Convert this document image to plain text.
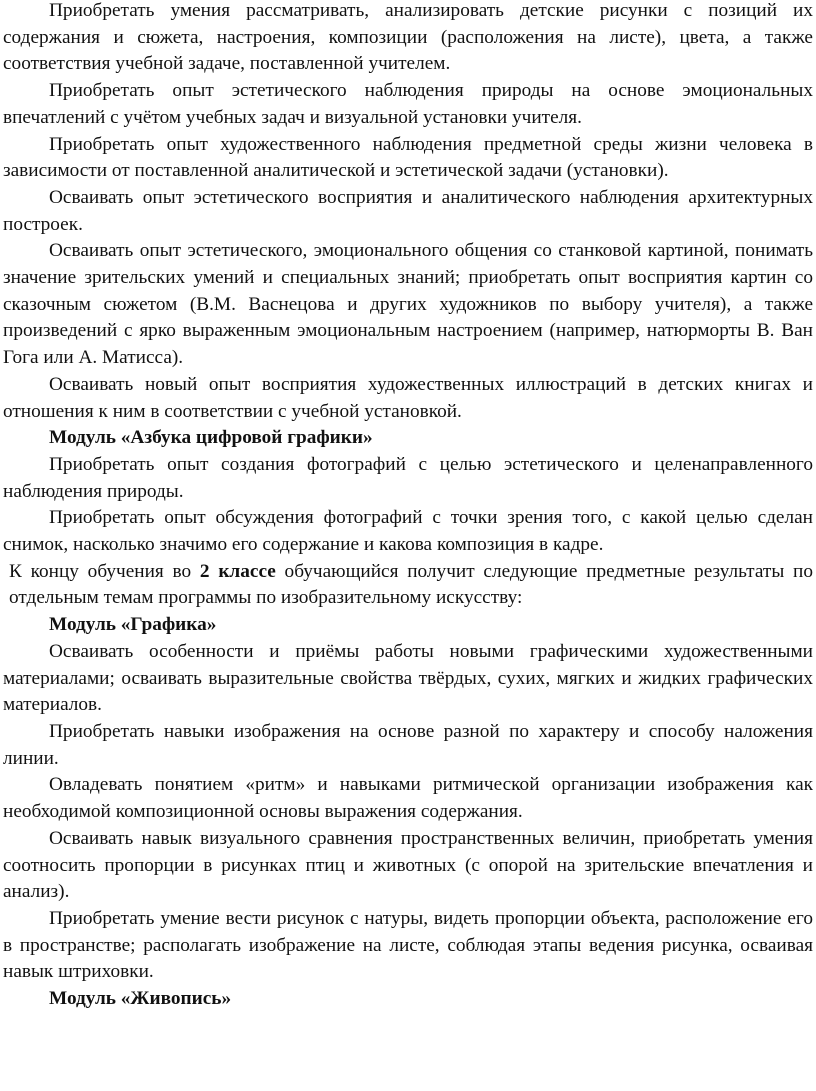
Приобретать умения рассматривать, анализировать детские рисунки с позиций их содержания и сюжета, настроения, композиции (расположения на листе), цвета, а также соответствия учебной задаче, поставленной учителем.

Приобретать опыт эстетического наблюдения природы на основе эмоциональных впечатлений с учётом учебных задач и визуальной установки учителя.

Приобретать опыт художественного наблюдения предметной среды жизни человека в зависимости от поставленной аналитической и эстетической задачи (установки).

Осваивать опыт эстетического восприятия и аналитического наблюдения архитектурных построек.

Осваивать опыт эстетического, эмоционального общения со станковой картиной, понимать значение зрительских умений и специальных знаний; приобретать опыт восприятия картин со сказочным сюжетом (В.М. Васнецова и других художников по выбору учителя), а также произведений с ярко выраженным эмоциональным настроением (например, натюрморты В. Ван Гога или А. Матисса).

Осваивать новый опыт восприятия художественных иллюстраций в детских книгах и отношения к ним в соответствии с учебной установкой.

Модуль «Азбука цифровой графики»

Приобретать опыт создания фотографий с целью эстетического и целенаправленного наблюдения природы.

Приобретать опыт обсуждения фотографий с точки зрения того, с какой целью сделан снимок, насколько значимо его содержание и какова композиция в кадре.

К концу обучения во 2 классе обучающийся получит следующие предметные результаты по отдельным темам программы по изобразительному искусству:

Модуль «Графика»

Осваивать особенности и приёмы работы новыми графическими художественными материалами; осваивать выразительные свойства твёрдых, сухих, мягких и жидких графических материалов.

Приобретать навыки изображения на основе разной по характеру и способу наложения линии.

Овладевать понятием «ритм» и навыками ритмической организации изображения как необходимой композиционной основы выражения содержания.

Осваивать навык визуального сравнения пространственных величин, приобретать умения соотносить пропорции в рисунках птиц и животных (с опорой на зрительские впечатления и анализ).

Приобретать умение вести рисунок с натуры, видеть пропорции объекта, расположение его в пространстве; располагать изображение на листе, соблюдая этапы ведения рисунка, осваивая навык штриховки.

Модуль «Живопись»
